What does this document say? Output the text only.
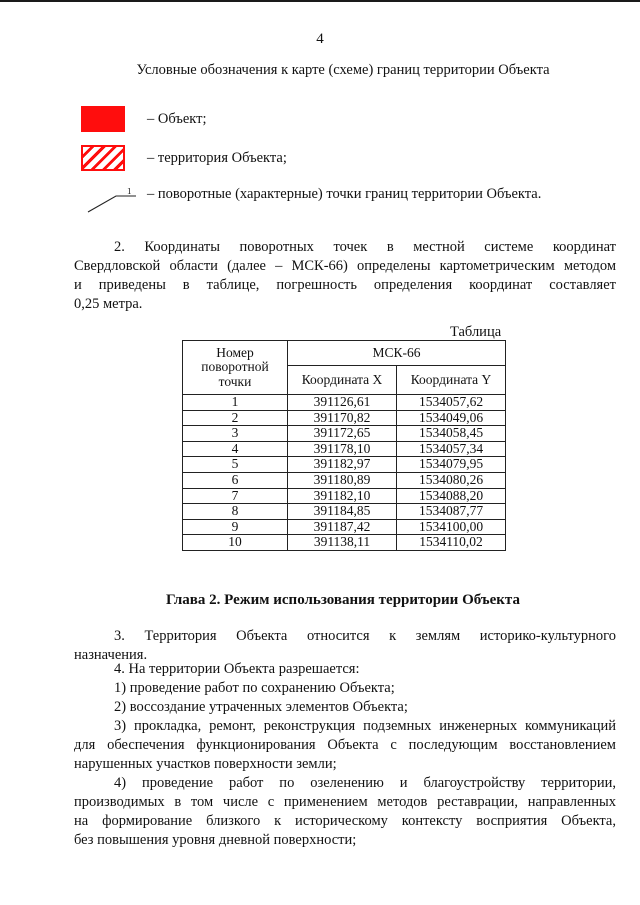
4
Условные обозначения к карте (схеме) границ территории Объекта
– Объект;
– территория Объекта;
1 – поворотные (характерные) точки границ территории Объекта.
2. Координаты поворотных точек в местной системе координат
Свердловской области (далее – МСК-66) определены картометрическим методом
и приведены в таблице, погрешность определения координат составляет
0,25 метра.
Таблица
Номер
поворотной
точки	МСК-66	
	Координата X	Координата Y
1	391126,61	1534057,62
2	391170,82	1534049,06
3	391172,65	1534058,45
4	391178,10	1534057,34
5	391182,97	1534079,95
6	391180,89	1534080,26
7	391182,10	1534088,20
8	391184,85	1534087,77
9	391187,42	1534100,00
10	391138,11	1534110,02
Глава 2. Режим использования территории Объекта
3. Территория Объекта относится к землям историко-культурного
назначения.
4. На территории Объекта разрешается:
1) проведение работ по сохранению Объекта;
2) воссоздание утраченных элементов Объекта;
3) прокладка, ремонт, реконструкция подземных инженерных коммуникаций
для обеспечения функционирования Объекта с последующим восстановлением
нарушенных участков поверхности земли;
4) проведение работ по озеленению и благоустройству территории,
производимых в том числе с применением методов реставрации, направленных
на формирование близкого к историческому контексту восприятия Объекта,
без повышения уровня дневной поверхности;
